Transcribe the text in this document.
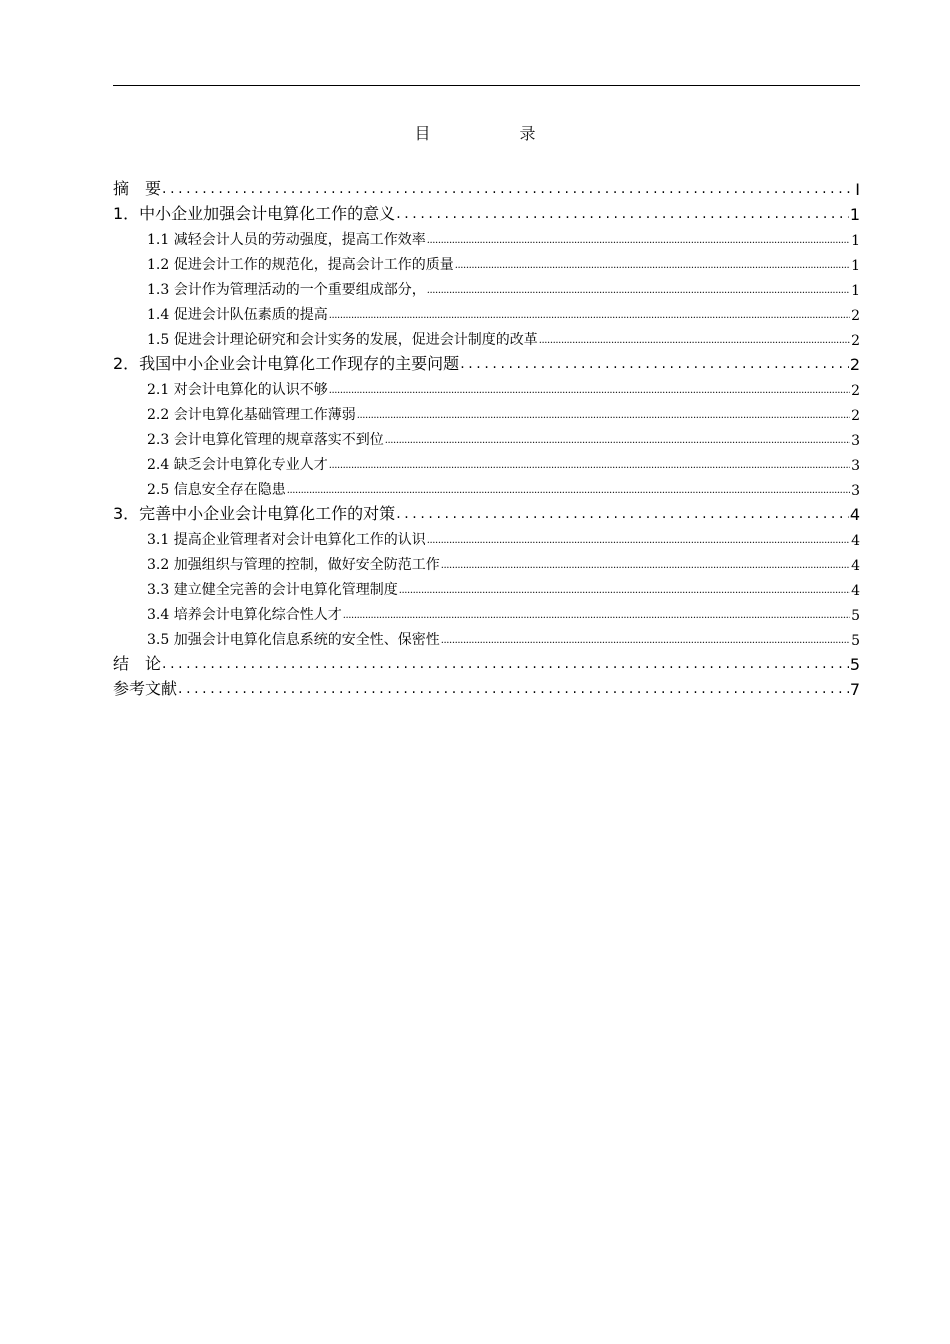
目 录
摘　要 .....	I
1．中小企业加强会计电算化工作的意义 .....	1
1.1 减轻会计人员的劳动强度，提高工作效率 .....	1
1.2 促进会计工作的规范化，提高会计工作的质量 .....	1
1.3 会计作为管理活动的一个重要组成部分， .....	1
1.4 促进会计队伍素质的提高 .....	2
1.5 促进会计理论研究和会计实务的发展，促进会计制度的改革 .....	2
2．我国中小企业会计电算化工作现存的主要问题 .....	2
2.1 对会计电算化的认识不够 .....	2
2.2 会计电算化基础管理工作薄弱 .....	2
2.3 会计电算化管理的规章落实不到位 .....	3
2.4 缺乏会计电算化专业人才 .....	3
2.5 信息安全存在隐患 .....	3
3．完善中小企业会计电算化工作的对策 .....	4
3.1 提高企业管理者对会计电算化工作的认识 .....	4
3.2 加强组织与管理的控制，做好安全防范工作 .....	4
3.3 建立健全完善的会计电算化管理制度 .....	4
3.4 培养会计电算化综合性人才 .....	5
3.5 加强会计电算化信息系统的安全性、保密性 .....	5
结　论 .....	5
参考文献 .....	7
